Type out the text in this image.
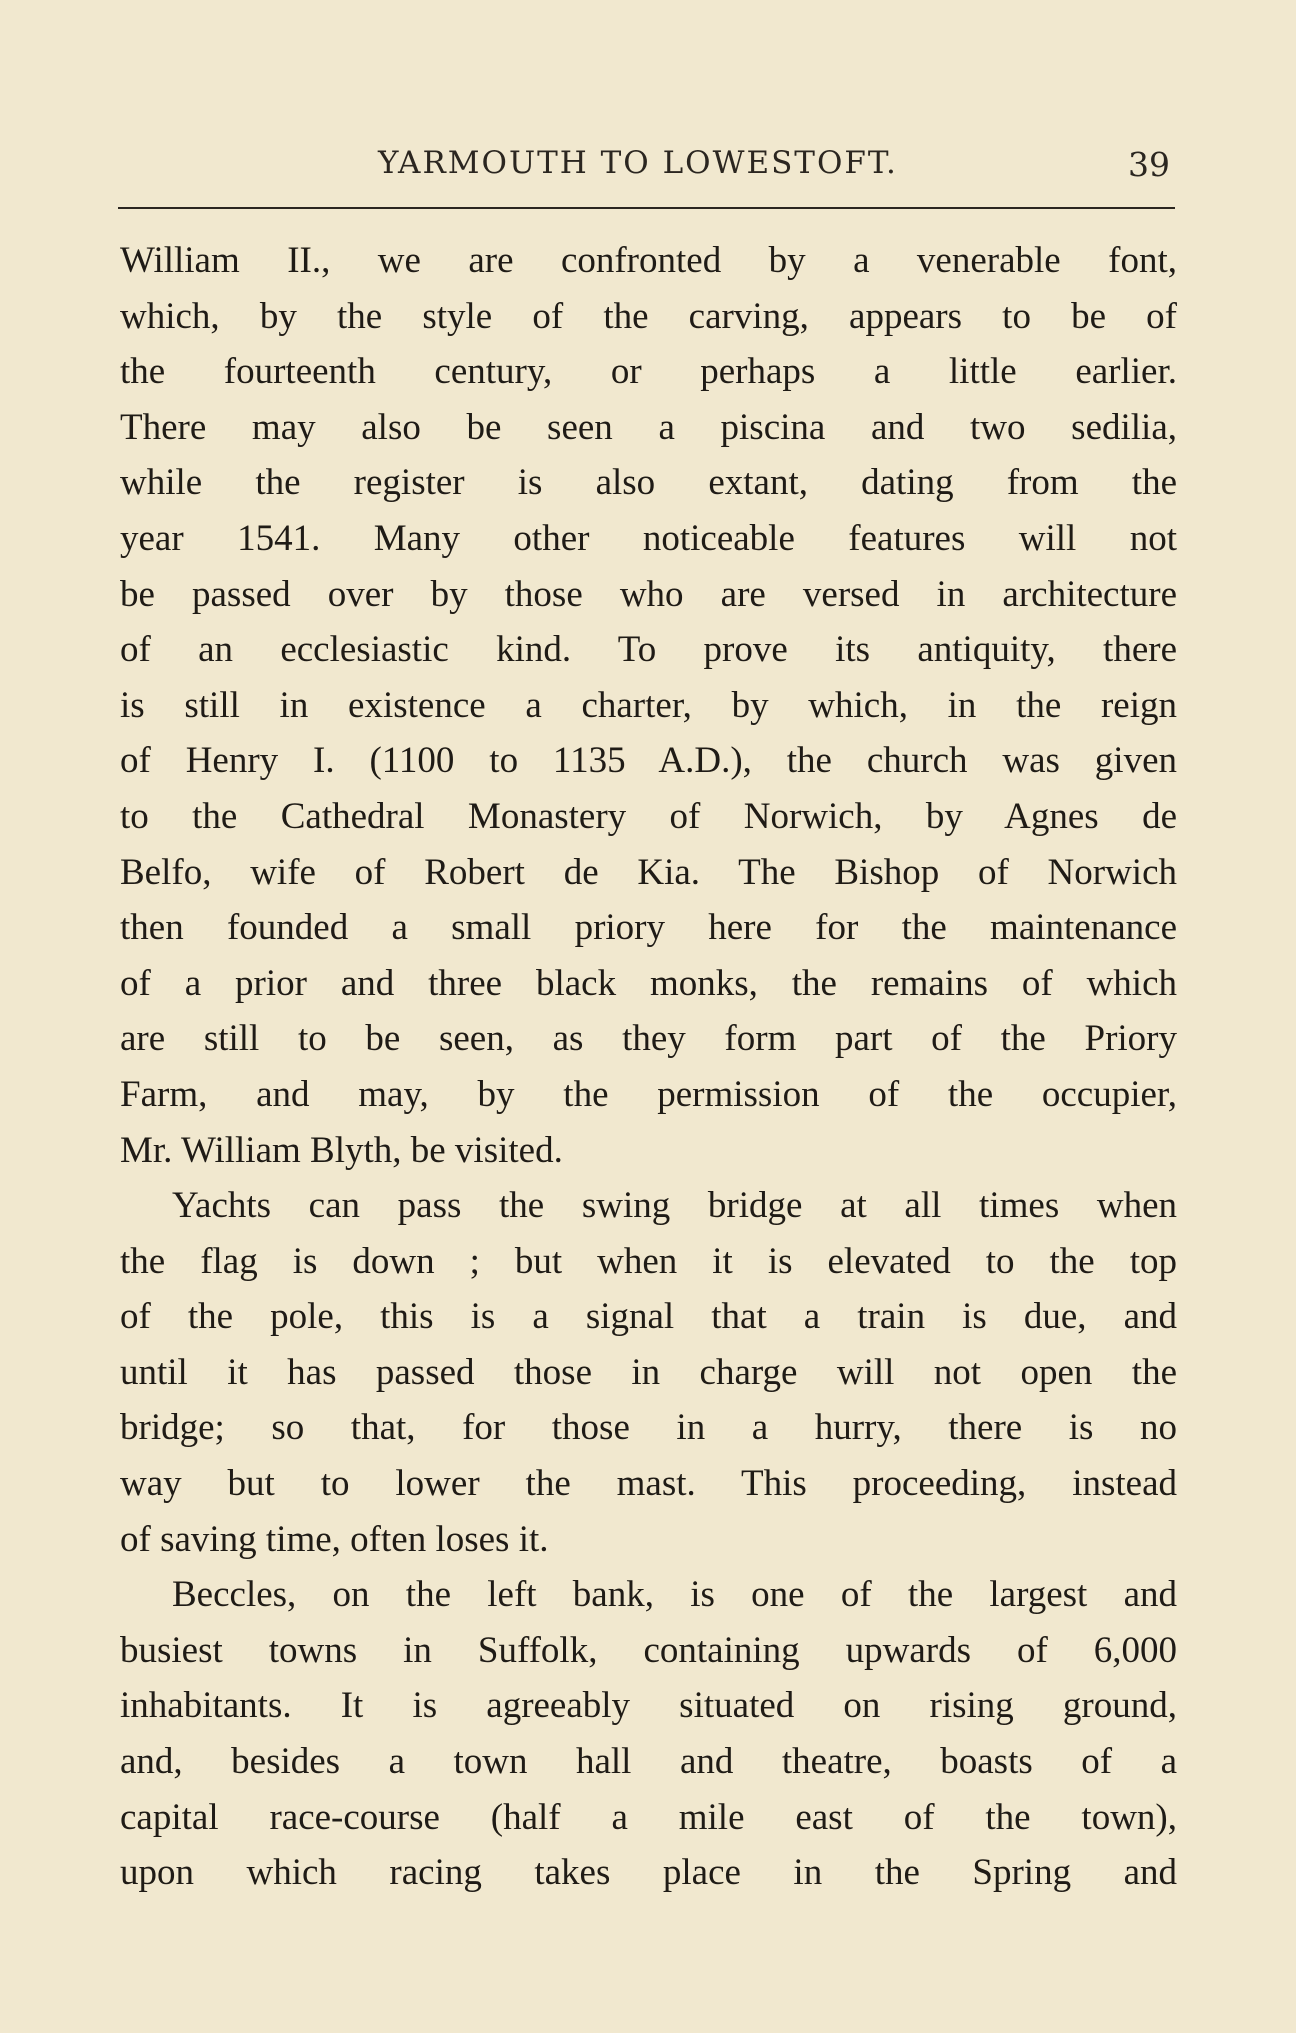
YARMOUTH TO LOWESTOFT.	39
William II., we are confronted by a venerable font,
which, by the style of the carving, appears to be of
the fourteenth century, or perhaps a little earlier.
There may also be seen a piscina and two sedilia,
while the register is also extant, dating from the
year 1541. Many other noticeable features will not
be passed over by those who are versed in architecture
of an ecclesiastic kind. To prove its antiquity, there
is still in existence a charter, by which, in the reign
of Henry I. (1100 to 1135 A.D.), the church was given
to the Cathedral Monastery of Norwich, by Agnes de
Belfo, wife of Robert de Kia. The Bishop of Norwich
then founded a small priory here for the maintenance
of a prior and three black monks, the remains of which
are still to be seen, as they form part of the Priory
Farm, and may, by the permission of the occupier,
Mr. William Blyth, be visited.
Yachts can pass the swing bridge at all times when
the flag is down ; but when it is elevated to the top
of the pole, this is a signal that a train is due, and
until it has passed those in charge will not open the
bridge; so that, for those in a hurry, there is no
way but to lower the mast. This proceeding, instead
of saving time, often loses it.
Beccles, on the left bank, is one of the largest and
busiest towns in Suffolk, containing upwards of 6,000
inhabitants. It is agreeably situated on rising ground,
and, besides a town hall and theatre, boasts of a
capital race-course (half a mile east of the town),
upon which racing takes place in the Spring and
